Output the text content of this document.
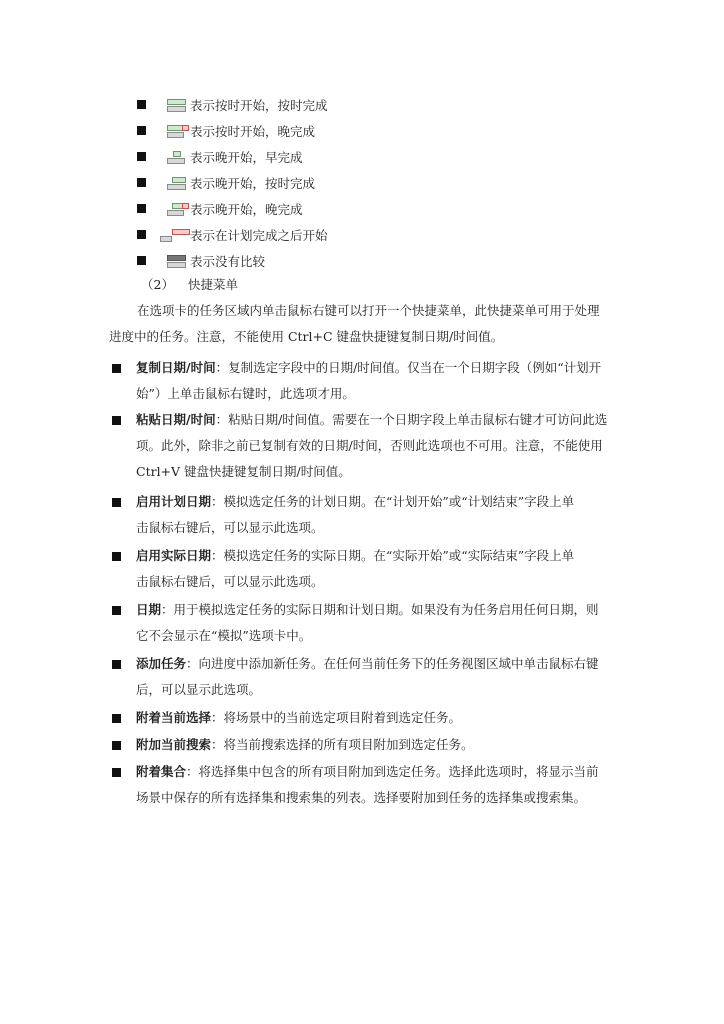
表示按时开始，按时完成
表示按时开始，晚完成
表示晚开始，早完成
表示晚开始，按时完成
表示晚开始，晚完成
表示在计划完成之后开始
表示没有比较
（2） 快捷菜单
在选项卡的任务区域内单击鼠标右键可以打开一个快捷菜单，此快捷菜单可用于处理
进度中的任务。注意，不能使用 Ctrl+C 键盘快捷键复制日期/时间值。
复制日期/时间：复制选定字段中的日期/时间值。仅当在一个日期字段（例如“计划开
始”）上单击鼠标右键时，此选项才用。
粘贴日期/时间：粘贴日期/时间值。需要在一个日期字段上单击鼠标右键才可访问此选
项。此外，除非之前已复制有效的日期/时间，否则此选项也不可用。注意，不能使用
Ctrl+V 键盘快捷键复制日期/时间值。
启用计划日期：模拟选定任务的计划日期。在“计划开始”或“计划结束”字段上单
击鼠标右键后，可以显示此选项。
启用实际日期：模拟选定任务的实际日期。在“实际开始”或“实际结束”字段上单
击鼠标右键后，可以显示此选项。
日期：用于模拟选定任务的实际日期和计划日期。如果没有为任务启用任何日期，则
它不会显示在“模拟”选项卡中。
添加任务：向进度中添加新任务。在任何当前任务下的任务视图区域中单击鼠标右键
后，可以显示此选项。
附着当前选择：将场景中的当前选定项目附着到选定任务。
附加当前搜索：将当前搜索选择的所有项目附加到选定任务。
附着集合：将选择集中包含的所有项目附加到选定任务。选择此选项时，将显示当前
场景中保存的所有选择集和搜索集的列表。选择要附加到任务的选择集或搜索集。
